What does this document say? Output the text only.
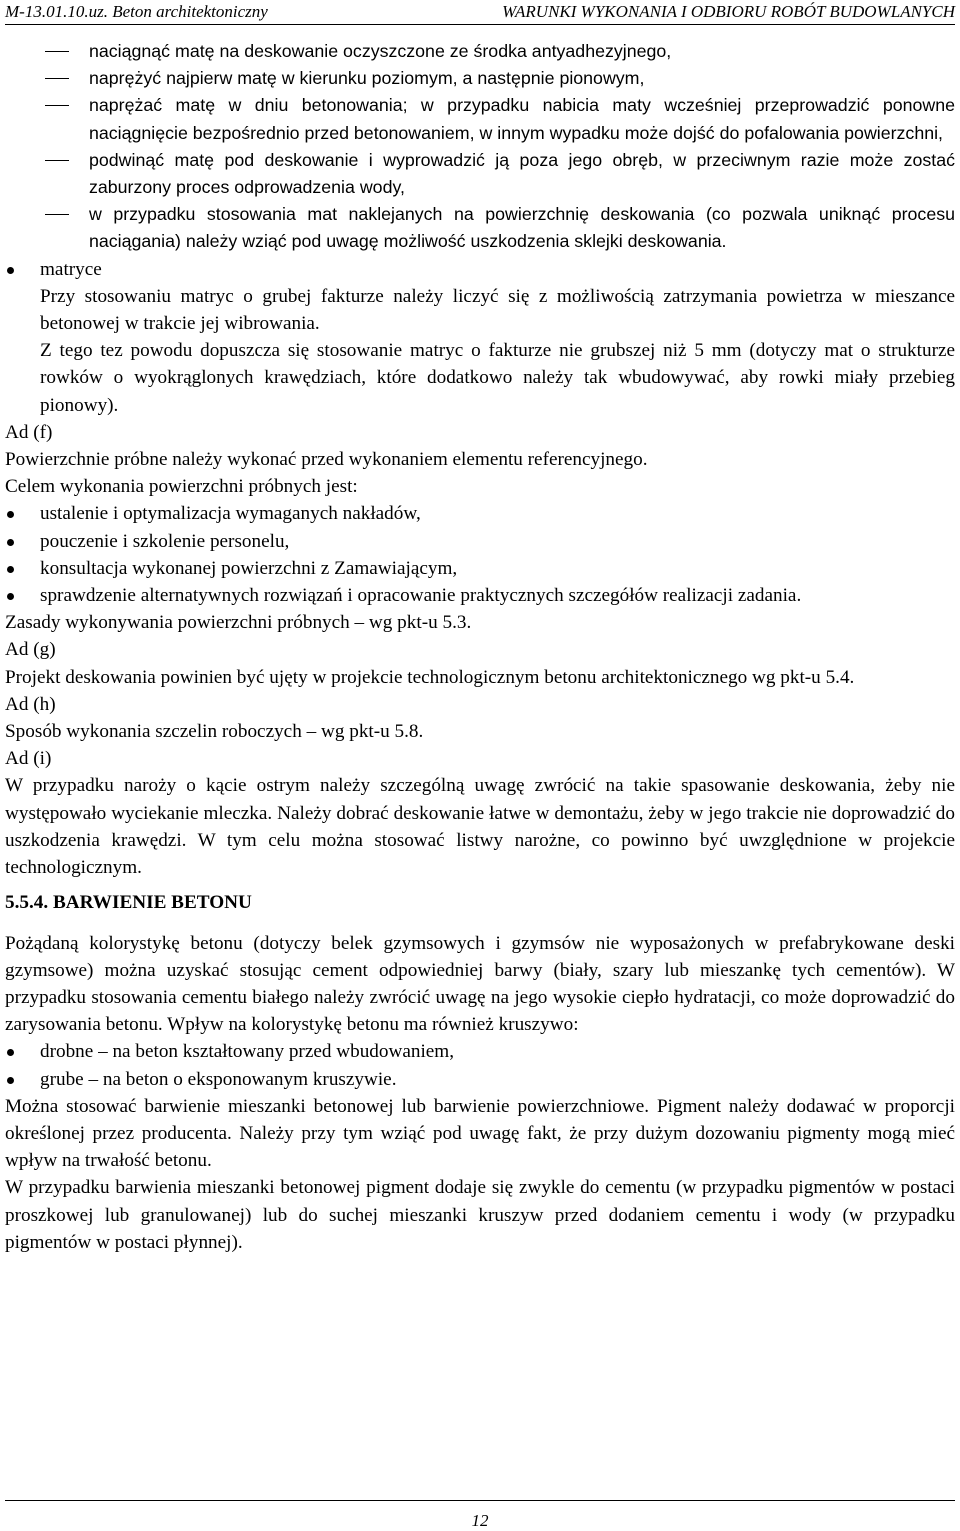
M-13.01.10.uz. Beton architektoniczny	WARUNKI WYKONANIA I ODBIORU ROBÓT BUDOWLANYCH
naciągnąć matę na deskowanie oczyszczone ze środka antyadhezyjnego,
naprężyć najpierw matę w kierunku poziomym, a następnie pionowym,
naprężać matę w dniu betonowania; w przypadku nabicia maty wcześniej przeprowadzić ponowne naciągnięcie bezpośrednio przed betonowaniem, w innym wypadku może dojść do pofalowania powierzchni,
podwinąć matę pod deskowanie i wyprowadzić ją poza jego obręb, w przeciwnym razie może zostać zaburzony proces odprowadzenia wody,
w przypadku stosowania mat naklejanych na powierzchnię deskowania (co pozwala uniknąć procesu naciągania) należy wziąć pod uwagę możliwość uszkodzenia sklejki deskowania.
matryce
Przy stosowaniu matryc o grubej fakturze należy liczyć się z możliwością zatrzymania powietrza w mieszance betonowej w trakcie jej wibrowania.
Z tego tez powodu dopuszcza się stosowanie matryc o fakturze nie grubszej niż 5 mm (dotyczy mat o strukturze rowków o wyokrąglonych krawędziach, które dodatkowo należy tak wbudowywać, aby rowki miały przebieg pionowy).
Ad (f)
Powierzchnie próbne należy wykonać przed wykonaniem elementu referencyjnego.
Celem wykonania powierzchni próbnych jest:
ustalenie i optymalizacja wymaganych nakładów,
pouczenie i szkolenie personelu,
konsultacja wykonanej powierzchni z Zamawiającym,
sprawdzenie alternatywnych rozwiązań i opracowanie praktycznych szczegółów realizacji zadania.
Zasady wykonywania powierzchni próbnych – wg pkt-u 5.3.
Ad (g)
Projekt deskowania powinien być ujęty w projekcie technologicznym betonu architektonicznego wg pkt-u 5.4.
Ad (h)
Sposób wykonania szczelin roboczych – wg pkt-u 5.8.
Ad (i)
W przypadku naroży o kącie ostrym należy szczególną uwagę zwrócić na takie spasowanie deskowania, żeby nie występowało wyciekanie mleczka. Należy dobrać deskowanie łatwe w demontażu, żeby w jego trakcie nie doprowadzić do uszkodzenia krawędzi. W tym celu można stosować listwy narożne, co powinno być uwzględnione w projekcie technologicznym.
5.5.4. BARWIENIE BETONU
Pożądaną kolorystykę betonu (dotyczy belek gzymsowych i gzymsów nie wyposażonych w prefabrykowane deski gzymsowe) można uzyskać stosując cement odpowiedniej barwy (biały, szary lub mieszankę tych cementów). W przypadku stosowania cementu białego należy zwrócić uwagę na jego wysokie ciepło hydratacji, co może doprowadzić do zarysowania betonu. Wpływ na kolorystykę betonu ma również kruszywo:
drobne – na beton kształtowany przed wbudowaniem,
grube – na beton o eksponowanym kruszywie.
Można stosować barwienie mieszanki betonowej lub barwienie powierzchniowe. Pigment należy dodawać w proporcji określonej przez producenta. Należy przy tym wziąć pod uwagę fakt, że przy dużym dozowaniu pigmenty mogą mieć wpływ na trwałość betonu.
W przypadku barwienia mieszanki betonowej pigment dodaje się zwykle do cementu (w przypadku pigmentów w postaci proszkowej lub granulowanej) lub do suchej mieszanki kruszyw przed dodaniem cementu i wody (w przypadku pigmentów w postaci płynnej).
12
